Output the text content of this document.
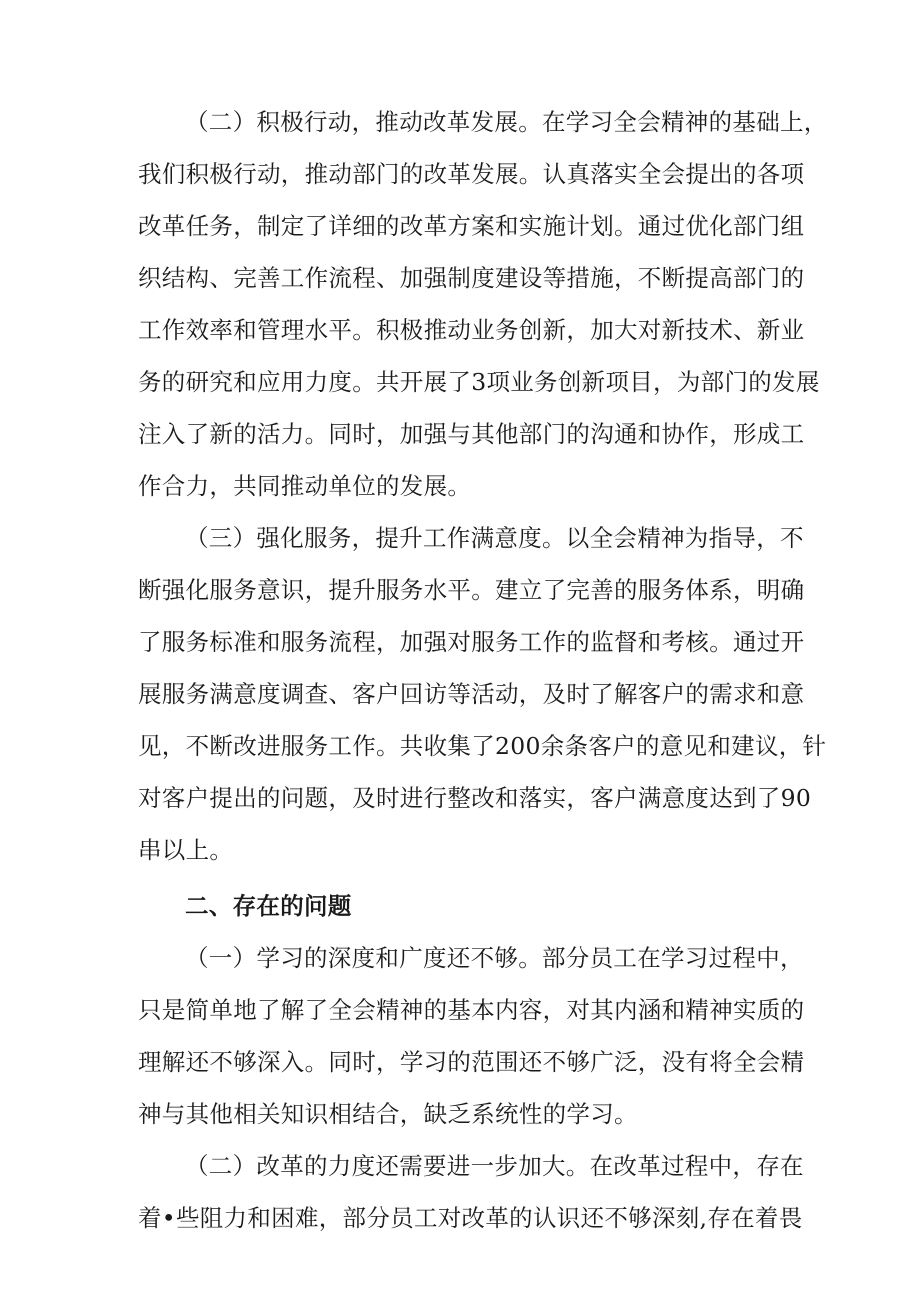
（二）积极行动，推动改革发展。在学习全会精神的基础上，
我们积极行动，推动部门的改革发展。认真落实全会提出的各项
改革任务，制定了详细的改革方案和实施计划。通过优化部门组
织结构、完善工作流程、加强制度建设等措施，不断提高部门的
工作效率和管理水平。积极推动业务创新，加大对新技术、新业
务的研究和应用力度。共开展了3项业务创新项目，为部门的发展
注入了新的活力。同时，加强与其他部门的沟通和协作，形成工
作合力，共同推动单位的发展。
（三）强化服务，提升工作满意度。以全会精神为指导，不
断强化服务意识，提升服务水平。建立了完善的服务体系，明确
了服务标准和服务流程，加强对服务工作的监督和考核。通过开
展服务满意度调查、客户回访等活动，及时了解客户的需求和意
见，不断改进服务工作。共收集了200余条客户的意见和建议，针
对客户提出的问题，及时进行整改和落实，客户满意度达到了90
串以上。
二、存在的问题
（一）学习的深度和广度还不够。部分员工在学习过程中，
只是简单地了解了全会精神的基本内容，对其内涵和精神实质的
理解还不够深入。同时，学习的范围还不够广泛，没有将全会精
神与其他相关知识相结合，缺乏系统性的学习。
（二）改革的力度还需要进一步加大。在改革过程中，存在
着•些阻力和困难，部分员工对改革的认识还不够深刻,存在着畏
